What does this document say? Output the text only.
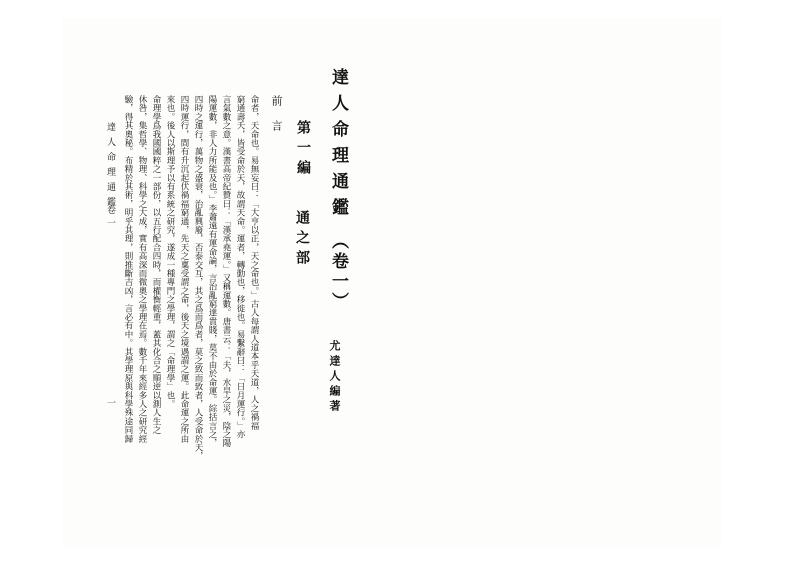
達人命理通鑑
（卷一）
尤達人編著
第一編
通之部
前言
命者，天命也。易無妄曰：「大亨以正，天之命也。」古人每謂人道本乎天道，人之禍福
窮通壽夭，皆受命於天，故謂天命。運者，轉動也，移徙也。易繫辭曰：「日月運行。」亦
言氣數之意。漢書高帝紀贊曰：「漢承堯運。」又稱運數。唐書云：「夫，水旱之災，陰之陽
陽運數，非人力所能及也。」李蕭遠有運命論，言治亂窮達貴賤，莫不由於命運。綜括言之，
四時之運行，萬物之盛衰，治亂興廢，否泰交互，其之爲而爲者，莫之致而致者，人受命於天，
四時運行，間有升沉起伏禍福窮通，先天之稟受謂之命，後天之境遇謂之運。此命運之所由
來也。後人以斯理予以有系統之研究，遂成一種專門之學理，謂之「命理學」也。
命理學爲我國國粹之一部份，以五行配合四時，而權衡輕重，蓋其化合之順逆以測人生之
休咎，集哲學、物理、科學之大成，實有高深而微奧之學理在焉。數千年來經多人之研究經
驗，得其奧秘。布精於其術，明乎其理，則推斷吉凶，言必有中。其學理原與科學殊途同歸
達人命理通鑑
卷一
一
